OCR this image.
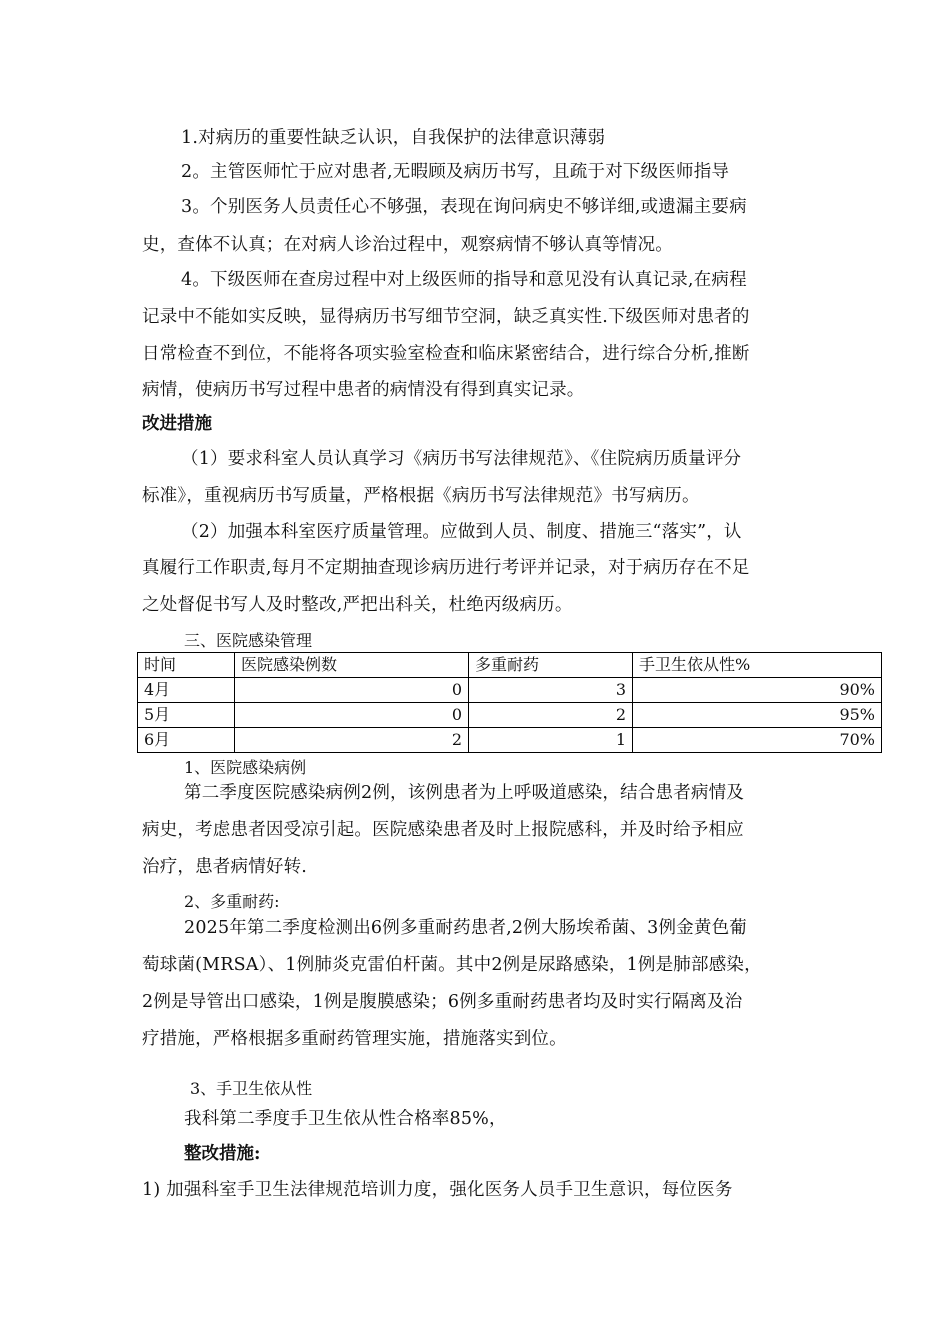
1.对病历的重要性缺乏认识，自我保护的法律意识薄弱
2。主管医师忙于应对患者,无暇顾及病历书写，且疏于对下级医师指导
3。个别医务人员责任心不够强，表现在询问病史不够详细,或遗漏主要病
史，查体不认真；在对病人诊治过程中，观察病情不够认真等情况。
4。下级医师在查房过程中对上级医师的指导和意见没有认真记录,在病程
记录中不能如实反映，显得病历书写细节空洞，缺乏真实性.下级医师对患者的
日常检查不到位，不能将各项实验室检查和临床紧密结合，进行综合分析,推断
病情，使病历书写过程中患者的病情没有得到真实记录。
改进措施
（1）要求科室人员认真学习《病历书写法律规范》、《住院病历质量评分
标准》，重视病历书写质量，严格根据《病历书写法律规范》书写病历。
（2）加强本科室医疗质量管理。应做到人员、制度、措施三“落实”，认
真履行工作职责,每月不定期抽查现诊病历进行考评并记录，对于病历存在不足
之处督促书写人及时整改,严把出科关，杜绝丙级病历。
三、医院感染管理
时间	医院感染例数	多重耐药	手卫生依从性%
4月	0	3	90%
5月	0	2	95%
6月	2	1	70%
1、医院感染病例
第二季度医院感染病例2例，该例患者为上呼吸道感染，结合患者病情及
病史，考虑患者因受凉引起。医院感染患者及时上报院感科，并及时给予相应
治疗，患者病情好转.
2、多重耐药:
2025年第二季度检测出6例多重耐药患者,2例大肠埃希菌、3例金黄色葡
萄球菌(MRSA）、1例肺炎克雷伯杆菌。其中2例是尿路感染，1例是肺部感染，
2例是导管出口感染，1例是腹膜感染；6例多重耐药患者均及时实行隔离及治
疗措施，严格根据多重耐药管理实施，措施落实到位。
3、手卫生依从性
我科第二季度手卫生依从性合格率85%，
整改措施:
1) 加强科室手卫生法律规范培训力度，强化医务人员手卫生意识，每位医务
